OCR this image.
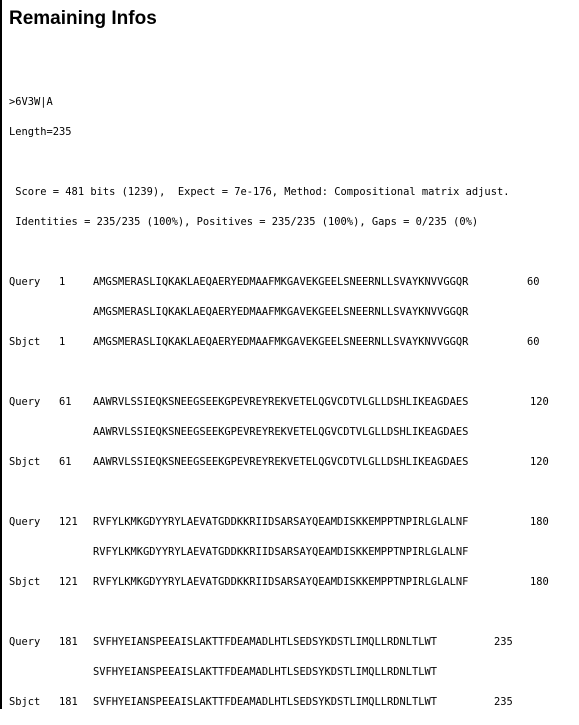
Remaining Infos
>6V3W|A
Length=235
Score = 481 bits (1239),  Expect = 7e-176, Method: Compositional matrix adjust.
Identities = 235/235 (100%), Positives = 235/235 (100%), Gaps = 0/235 (0%)
Query 1	AMGSMERASLIQKAKLAEQAERYEDMAAFMKGAVEKGEELSNEERNLLSVAYKNVVGGQR	60
AMGSMERASLIQKAKLAEQAERYEDMAAFMKGAVEKGEELSNEERNLLSVAYKNVVGGQR
Sbjct 1	AMGSMERASLIQKAKLAEQAERYEDMAAFMKGAVEKGEELSNEERNLLSVAYKNVVGGQR	60
Query 61 AAWRVLSSIEQKSNEEGSEEKGPEVREYREKVETELQGVCDTVLGLLDSHLIKEAGDAES	120
AAWRVLSSIEQKSNEEGSEEKGPEVREYREKVETELQGVCDTVLGLLDSHLIKEAGDAES
Sbjct 61 AAWRVLSSIEQKSNEEGSEEKGPEVREYREKVETELQGVCDTVLGLLDSHLIKEAGDAES	120
Query 121 RVFYLKMKGDYYRYLAEVATGDDKKRIIDSARSAYQEAMDISKKEMPPTNPIRLGLALNF	180
RVFYLKMKGDYYRYLAEVATGDDKKRIIDSARSAYQEAMDISKKEMPPTNPIRLGLALNF
Sbjct 121 RVFYLKMKGDYYRYLAEVATGDDKKRIIDSARSAYQEAMDISKKEMPPTNPIRLGLALNF	180
Query 181 SVFHYEIANSPEEAISLAKTTFDEAMADLHTLSEDSYKDSTLIMQLLRDNLTLWT	235
SVFHYEIANSPEEAISLAKTTFDEAMADLHTLSEDSYKDSTLIMQLLRDNLTLWT
Sbjct 181 SVFHYEIANSPEEAISLAKTTFDEAMADLHTLSEDSYKDSTLIMQLLRDNLTLWT	235
